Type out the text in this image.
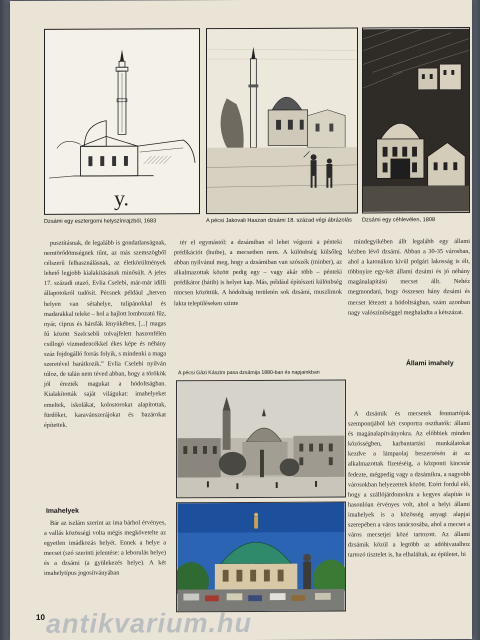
y.
Dzsámi egy esztergomi helyszínrajzból, 1683	A pécsi Jakovali Haszan dzsámi 18. század végi ábrázolás	Dzsámi egy céhlevélen, 1808

pusztításnak, de legalább is gondatlanságnak, nemtörődömségnek tűnt, az más szemszögből célszerű felhasználásnak, az életkörülmények lehető legjobb kialakításának minősült. A jeles 17. századi utazó, Evlia Cselebi, már-már idilli állapotokról tudósít. Pécsnek például „hetven helyen van sétahelye, tulipánokkal és madarakkal teleke – hol a hajlott lombozatú fűz, nyár, ciprus és hársfák lényükében, [...] magas fű között Szelcsebli tolvajfelett haszonfélén csillogó vizmedencékkel ékes képe és néhány száz fojdogálló forrás folyik, s mindenki a maga szeretével barátkozik.” Evlia Cselebi nyilván túloz, de talán nem téved abban, hogy a törökök jól érezték magukat a hódoltságban. Kialakították saját világukat: imahelyeket emeltek, iskolákat, kolostorokat alapítottak, fürdőket, karavánszerájokat és bazárokat építettek.

Imahelyek

Bár az iszlám szerint az ima bárhol érvényes, a vallás közösségi volta mégis megkövetelte az egyetlen imádkozás helyét. Ennek a helye a mecset (szó szerinti jelentése: a leborulás helye) és a dzsámi (a gyülekezés helye). A két imahelytípus jogosítványában

tér el egymástól: a dzsámiban el lehet végezni a pénteki prédikációt (hutbe), a mecsetben nem. A különbség külsőleg abban nyilvánul meg, hogy a dzsámiban van szószék (minber), az alkalmazottak között pedig egy – vagy akár több – pénteki prédikátor (hátib) is helyet kap. Más, például építészeti különbség nincsen közöttük. A hódoltság területén sok dzsámi, muszlimok lakta településeken szinte

mindegyikében állt legalább egy állami kézben lévő dzsámi. Abban a 30-35 városban, ahol a katonákon kívül polgári lakosság is élt, többnyire egy-két állami dzsámi és jó néhány magánalapítású mecset állt. Nehéz megmondani, hogy összesen hány dzsámi és mecset létezett a hódoltságban, szám azonban nagy valószínűséggel meghaladta a kétszázat.

Állami imahely

A dzsámik és mecsetek fenntartójuk szempontjából két csoportra oszthatók: állami és magánalapítványokra. Az előbbiek minden közösségben, karbantartási munkálatokat kezdve a lámpaolaj beszerzésén át az alkalmazottak fizetéséig, a központi kincstár fedezte, mégpedig vagy a dzsámikra, a nagyobb városokban helyezettek között. Ezért fordul elő, hogy a szállójárdomokra a kegyes alapítás is hasonlóan érvényes volt, ahol a helyi állami imahelyek is a közösség anyagi alapjai szerepében a város tanácsosába, ahol a mecset a város mecsetjei közé tartozott. Az állami dzsámik közül a legtöbb az adóhivatalhoz tartozó tisztelet is, ha elhaláltak, az épületet, hi

A pécsi Gázi Kászim pasa dzsámija 1880-ban és napjainkban
10 antikvarium.hu
